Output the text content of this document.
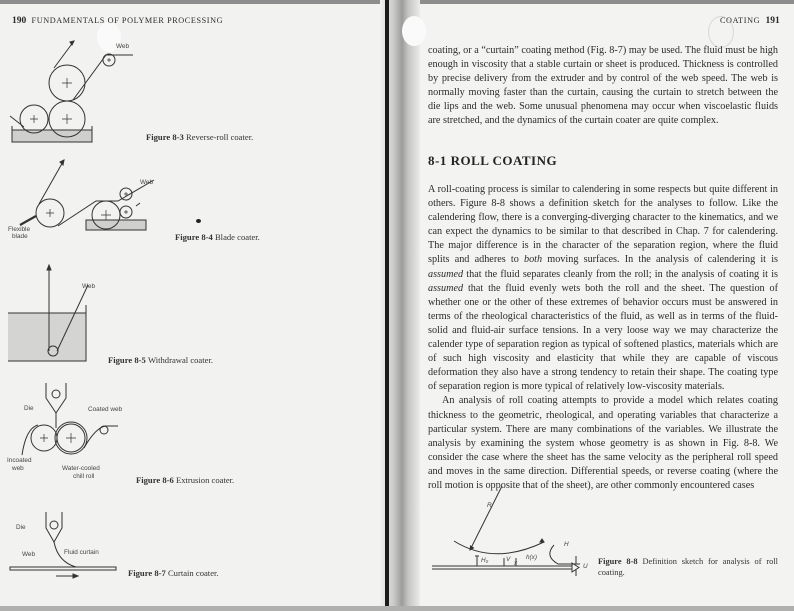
190 FUNDAMENTALS OF POLYMER PROCESSING
Web
Figure 8-3 Reverse-roll coater.
Web
Flexible
blade	Figure 8-4 Blade coater.
Web
Figure 8-5 Withdrawal coater.
Die	Coated web
Incoated
web	Water-cooled
chill roll	Figure 8-6 Extrusion coater.
Die
Web	Fluid curtain
Figure 8-7 Curtain coater.
COATING 191

coating, or a “curtain” coating method (Fig. 8-7) may be used. The fluid must be high enough in viscosity that a stable curtain or sheet is produced. Thickness is controlled by precise delivery from the extruder and by control of the web speed. The web is normally moving faster than the curtain, causing the curtain to stretch between the die lips and the web. Some unusual phenomena may occur when viscoelastic fluids are stretched, and the dynamics of the curtain coater are quite complex.

8-1 ROLL COATING

A roll-coating process is similar to calendering in some respects but quite different in others. Figure 8-8 shows a definition sketch for the analyses to follow. Like the calendering flow, there is a converging-diverging character to the kinematics, and we can expect the dynamics to be similar to that described in Chap. 7 for calendering. The major difference is in the character of the separation region, where the fluid splits and adheres to both moving surfaces. In the analysis of calendering it is assumed that the fluid separates cleanly from the roll; in the analysis of coating it is assumed that the fluid evenly wets both the roll and the sheet. The question of whether one or the other of these extremes of behavior occurs must be answered in terms of the rheological characteristics of the fluid, as well as in terms of the fluid-solid and fluid-air surface tensions. In a very loose way we may characterize the calender type of separation region as typical of softened plastics, materials which are of such high viscosity and elasticity that while they are capable of viscous deformation they also have a strong tendency to retain their shape. The coating type of separation region is more typical of relatively low-viscosity materials.

An analysis of roll coating attempts to provide a model which relates coating thickness to the geometric, rheological, and operating variables that characterize a particular system. There are many combinations of the variables. We illustrate the analysis by examining the system whose geometry is as shown in Fig. 8-8. We consider the case where the sheet has the same velocity as the peripheral roll speed and moves in the same direction. Differential speeds, or reverse coating (where the roll motion is opposite that of the sheet), are other commonly encountered cases

R
H
H₀	V
x
h(x)
U
Figure 8-8 Definition sketch for analysis of roll coating.
